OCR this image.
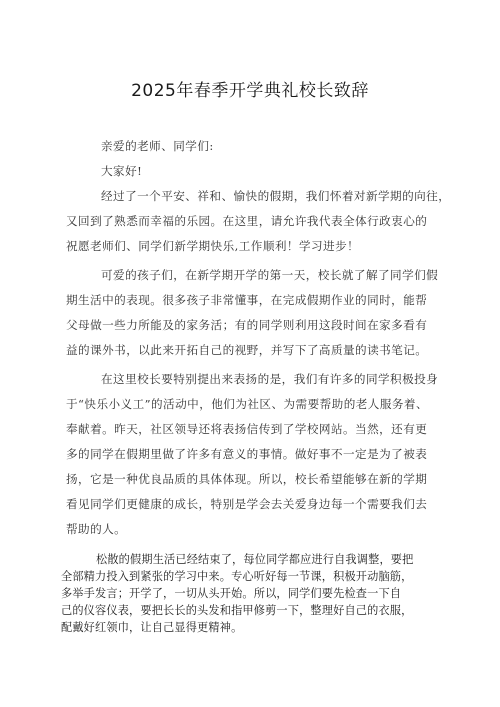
2025年春季开学典礼校长致辞
亲爱的老师、同学们:
大家好!
经过了一个平安、祥和、愉快的假期，我们怀着对新学期的向往，
又回到了熟悉而幸福的乐园。在这里，请允许我代表全体行政衷心的
祝愿老师们、同学们新学期快乐,工作顺利！学习进步！
可爱的孩子们，在新学期开学的第一天，校长就了解了同学们假
期生活中的表现。很多孩子非常懂事，在完成假期作业的同时，能帮
父母做一些力所能及的家务活；有的同学则利用这段时间在家多看有
益的课外书，以此来开拓自己的视野，并写下了高质量的读书笔记。
在这里校长要特别提出来表扬的是，我们有许多的同学积极投身
于“快乐小义工”的活动中，他们为社区、为需要帮助的老人服务着、
奉献着。昨天，社区领导还将表扬信传到了学校网站。当然，还有更
多的同学在假期里做了许多有意义的事情。做好事不一定是为了被表
扬，它是一种优良品质的具体体现。所以，校长希望能够在新的学期
看见同学们更健康的成长，特别是学会去关爱身边每一个需要我们去
帮助的人。
松散的假期生活已经结束了，每位同学都应进行自我调整，要把
全部精力投入到紧张的学习中来。专心听好每一节课，积极开动脑筋，
多举手发言；开学了，一切从头开始。所以，同学们要先检查一下自
己的仪容仪表，要把长长的头发和指甲修剪一下，整理好自己的衣服，
配戴好红领巾，让自己显得更精神。
